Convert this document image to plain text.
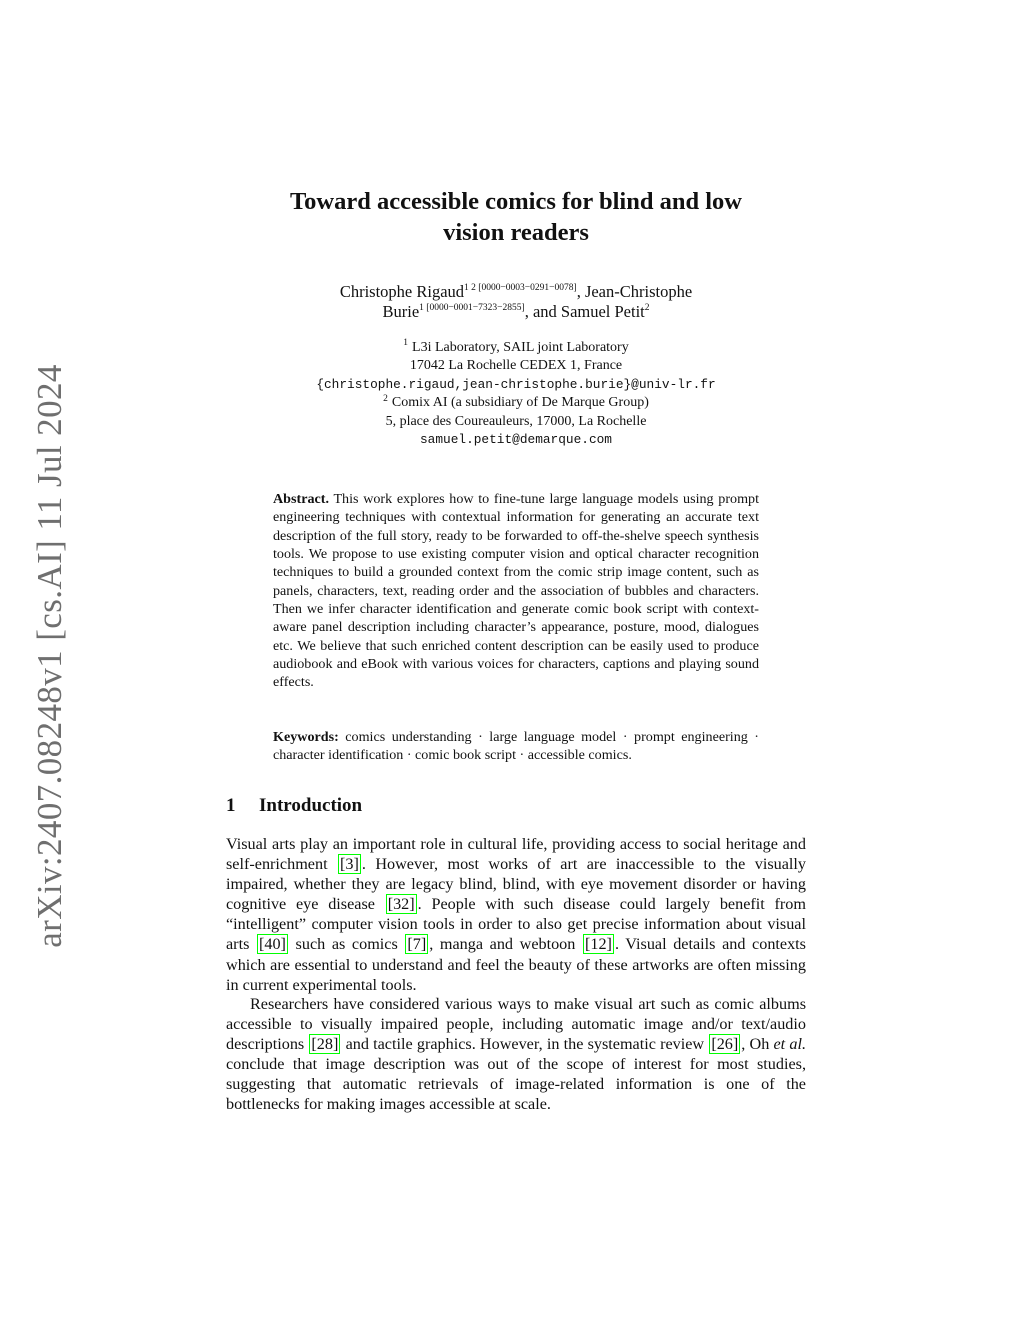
arXiv:2407.08248v1 [cs.AI] 11 Jul 2024
Toward accessible comics for blind and low
vision readers
Christophe Rigaud$^{1 2 [0000-0003-0291-0078]}$, Jean-Christophe
Burie$^{1 [0000-0001-7323-2855]}$, and Samuel Petit$^2$
$^1$ L3i Laboratory, SAIL joint Laboratory
17042 La Rochelle CEDEX 1, France
{christophe.rigaud,jean-christophe.burie}@univ-lr.fr
$^2$ Comix AI (a subsidiary of De Marque Group)
5, place des Coureauleurs, 17000, La Rochelle
samuel.petit@demarque.com

Abstract. This work explores how to fine-tune large language models using prompt engineering techniques with contextual information for generating an accurate text description of the full story, ready to be forwarded to off-the-shelve speech synthesis tools. We propose to use existing computer vision and optical character recognition techniques to build a grounded context from the comic strip image content, such as panels, characters, text, reading order and the association of bubbles and characters. Then we infer character identification and generate comic book script with context-aware panel description including character’s appearance, posture, mood, dialogues etc. We believe that such enriched content description can be easily used to produce audiobook and eBook with various voices for characters, captions and playing sound effects.

Keywords: comics understanding · large language model · prompt engineering · character identification · comic book script · accessible comics.

1 Introduction

Visual arts play an important role in cultural life, providing access to social heritage and self-enrichment [3] . However, most works of art are inaccessible to the visually impaired, whether they are legacy blind, blind, with eye movement disorder or having cognitive eye disease [32] . People with such disease could largely benefit from “intelligent” computer vision tools in order to also get precise information about visual arts [40] such as comics [7] , manga and webtoon [12] . Visual details and contexts which are essential to understand and feel the beauty of these artworks are often missing in current experimental tools.

Researchers have considered various ways to make visual art such as comic albums accessible to visually impaired people, including automatic image and/or text/audio descriptions [28] and tactile graphics. However, in the systematic review [26] , Oh et al. conclude that image description was out of the scope of interest for most studies, suggesting that automatic retrievals of image-related information is one of the bottlenecks for making images accessible at scale.
